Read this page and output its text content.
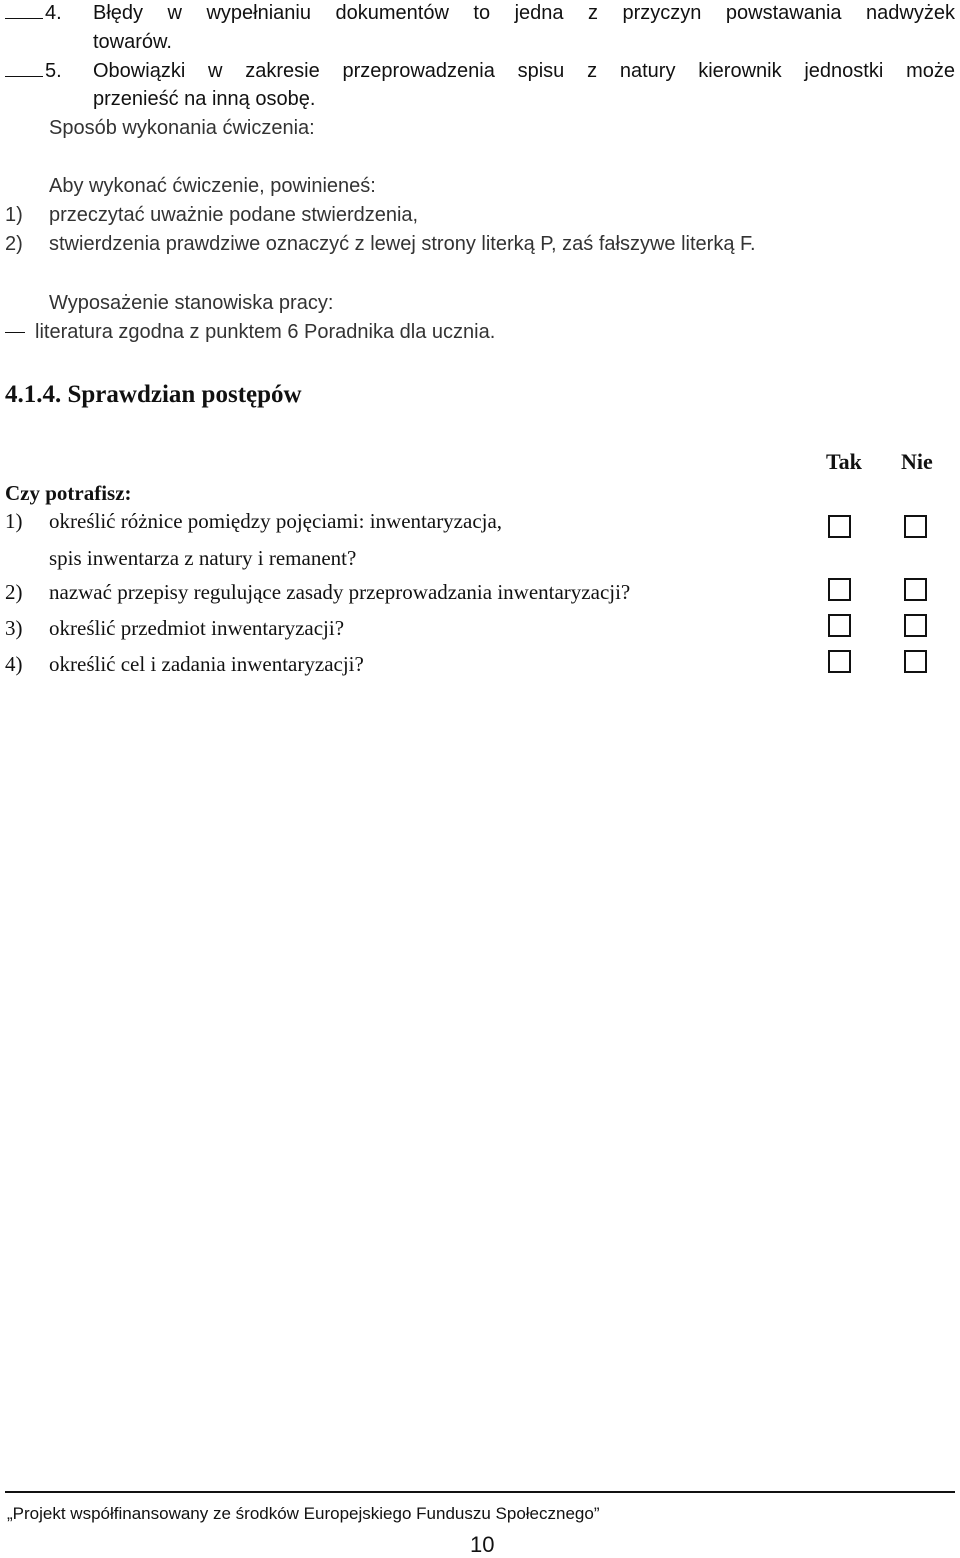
4. Błędy w wypełnianiu dokumentów to jedna z przyczyn powstawania nadwyżek
towarów.
5. Obowiązki w zakresie przeprowadzenia spisu z natury kierownik jednostki może
przenieść na inną osobę.
Sposób wykonania ćwiczenia:
Aby wykonać ćwiczenie, powinieneś:
1) przeczytać uważnie podane stwierdzenia,
2) stwierdzenia prawdziwe oznaczyć z lewej strony literką P, zaś fałszywe literką F.
Wyposażenie stanowiska pracy:
literatura zgodna z punktem 6 Poradnika dla ucznia.
4.1.4. Sprawdzian postępów
Tak Nie
Czy potrafisz:
1) określić różnice pomiędzy pojęciami: inwentaryzacja,
spis inwentarza z natury i remanent?
2) nazwać przepisy regulujące zasady przeprowadzania inwentaryzacji?
3) określić przedmiot inwentaryzacji?
4) określić cel i zadania inwentaryzacji?
„Projekt współfinansowany ze środków Europejskiego Funduszu Społecznego”
10
